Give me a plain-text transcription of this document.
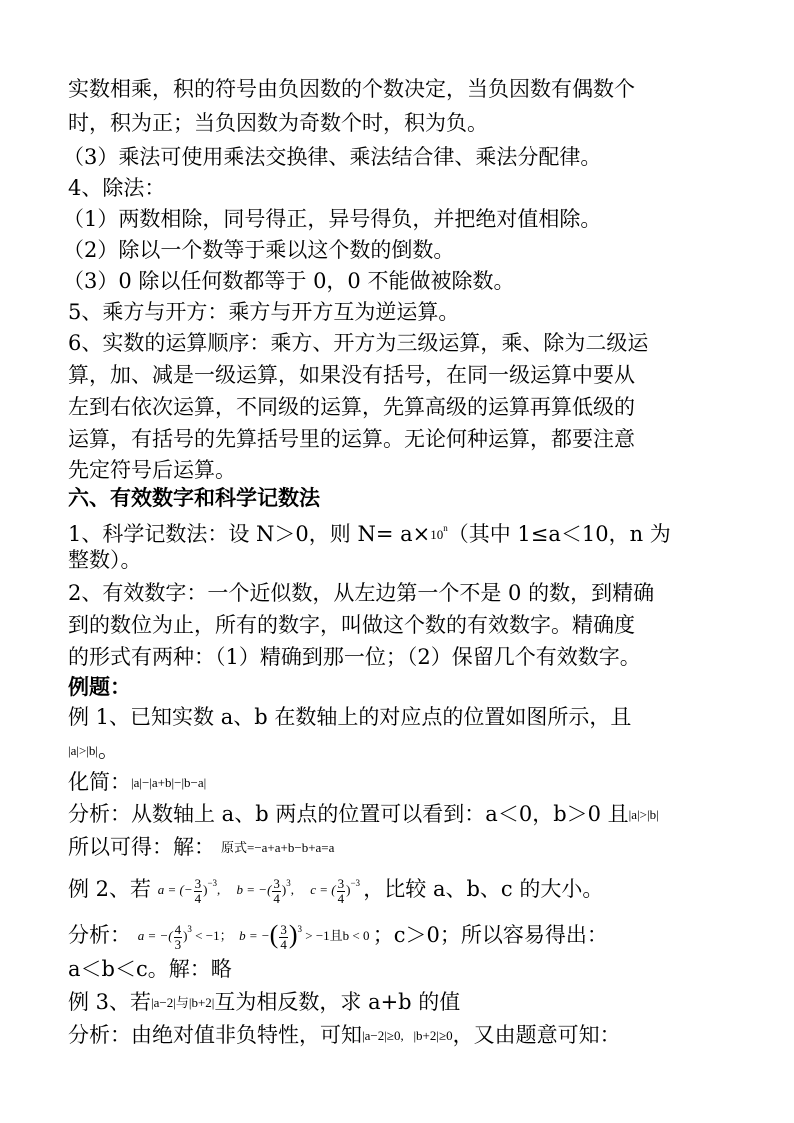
实数相乘，积的符号由负因数的个数决定，当负因数有偶数个
时，积为正；当负因数为奇数个时，积为负。
（3）乘法可使用乘法交换律、乘法结合律、乘法分配律。
4、除法：
（1）两数相除，同号得正，异号得负，并把绝对值相除。
（2）除以一个数等于乘以这个数的倒数。
（3）0 除以任何数都等于 0，0 不能做被除数。
5、乘方与开方：乘方与开方互为逆运算。
6、实数的运算顺序：乘方、开方为三级运算，乘、除为二级运
算，加、减是一级运算，如果没有括号，在同一级运算中要从
左到右依次运算，不同级的运算，先算高级的运算再算低级的
运算，有括号的先算括号里的运算。无论何种运算，都要注意
先定符号后运算。
六、有效数字和科学记数法
1、科学记数法：设 N＞0，则 $N= a\times 10^n$（其中 1≤a＜10，n 为
整数）。
2、有效数字：一个近似数，从左边第一个不是 0 的数，到精确
到的数位为止，所有的数字，叫做这个数的有效数字。精确度
的形式有两种：（1）精确到那一位；（2）保留几个有效数字。
例题：
例 1、已知实数 a、b 在数轴上的对应点的位置如图所示，且
|a|>|b|。
化简：|a|−|a+b|−|b−a|
分析：从数轴上 a、b 两点的位置可以看到：a＜0，b＞0 且|a|>|b|
所以可得：解： 原式=−a+a+b−b+a=a
例 2、若 a = (− $\frac{3}{4} )^{-3}$,     b = −( $\frac{3}{4} )^3$,     c = ( $\frac{3}{4} )^{-3}$ ，比较 a、b、c 的大小。
分析： a = −( $\frac{4}{3} )^3 < -1$；  b = −( $\frac{3}{4} )^3 > -1$且b < 0 ；c＞0；所以容易得出：
a＜b＜c。解：略
例 3、若|a−2|与|b+2|互为相反数，求 a+b 的值
分析：由绝对值非负特性，可知|a−2|≥0,   |b+2|≥0，又由题意可知：
